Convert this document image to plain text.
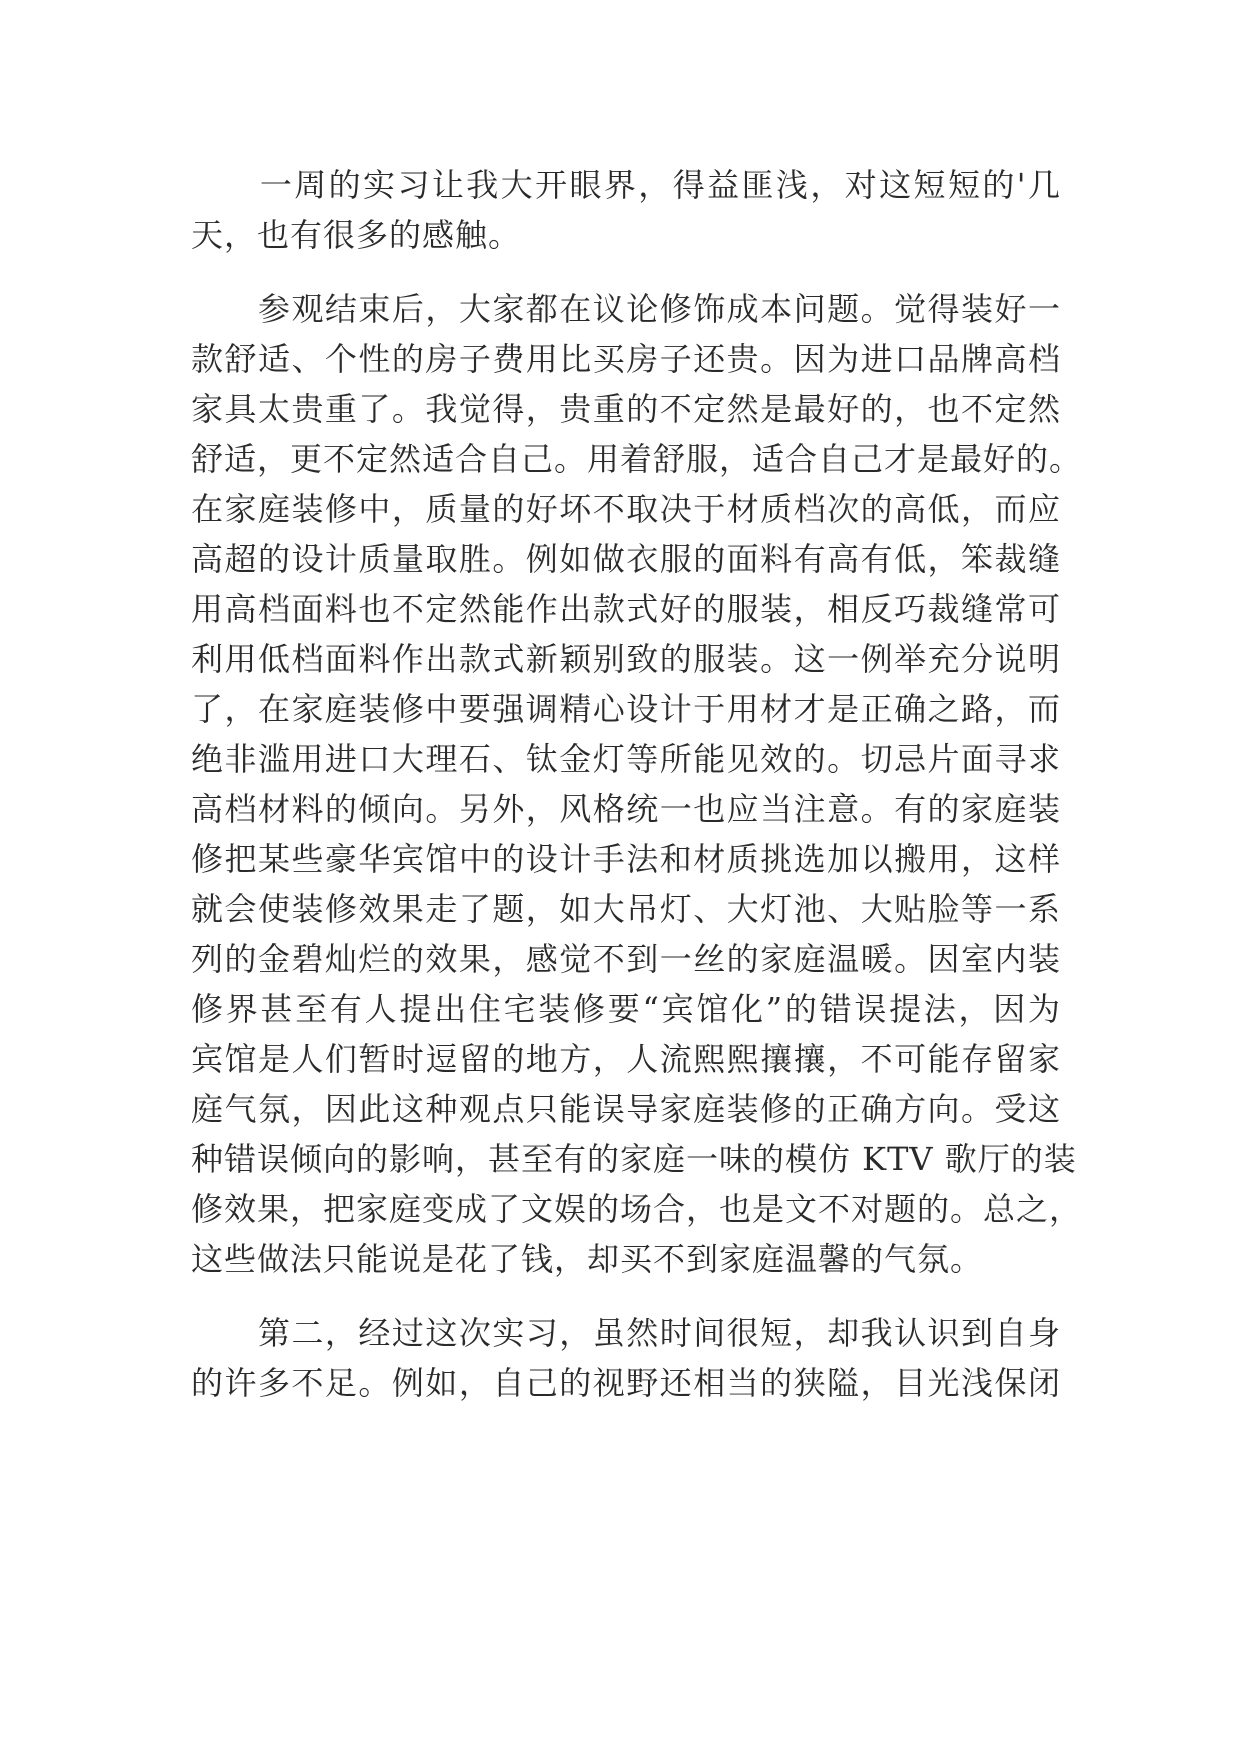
　　一周的实习让我大开眼界，得益匪浅，对这短短的'几
天，也有很多的感触。
　　参观结束后，大家都在议论修饰成本问题。觉得装好一
款舒适、个性的房子费用比买房子还贵。因为进口品牌高档
家具太贵重了。我觉得，贵重的不定然是最好的，也不定然
舒适，更不定然适合自己。用着舒服，适合自己才是最好的。
在家庭装修中，质量的好坏不取决于材质档次的高低，而应
高超的设计质量取胜。例如做衣服的面料有高有低，笨裁缝
用高档面料也不定然能作出款式好的服装，相反巧裁缝常可
利用低档面料作出款式新颖别致的服装。这一例举充分说明
了，在家庭装修中要强调精心设计于用材才是正确之路，而
绝非滥用进口大理石、钛金灯等所能见效的。切忌片面寻求
高档材料的倾向。另外，风格统一也应当注意。有的家庭装
修把某些豪华宾馆中的设计手法和材质挑选加以搬用，这样
就会使装修效果走了题，如大吊灯、大灯池、大贴脸等一系
列的金碧灿烂的效果，感觉不到一丝的家庭温暖。因室内装
修界甚至有人提出住宅装修要“宾馆化”的错误提法，因为
宾馆是人们暂时逗留的地方，人流熙熙攘攘，不可能存留家
庭气氛，因此这种观点只能误导家庭装修的正确方向。受这
种错误倾向的影响，甚至有的家庭一味的模仿 KTV 歌厅的装
修效果，把家庭变成了文娱的场合，也是文不对题的。总之，
这些做法只能说是花了钱，却买不到家庭温馨的气氛。
　　第二，经过这次实习，虽然时间很短，却我认识到自身
的许多不足。例如，自己的视野还相当的狭隘，目光浅保闭
